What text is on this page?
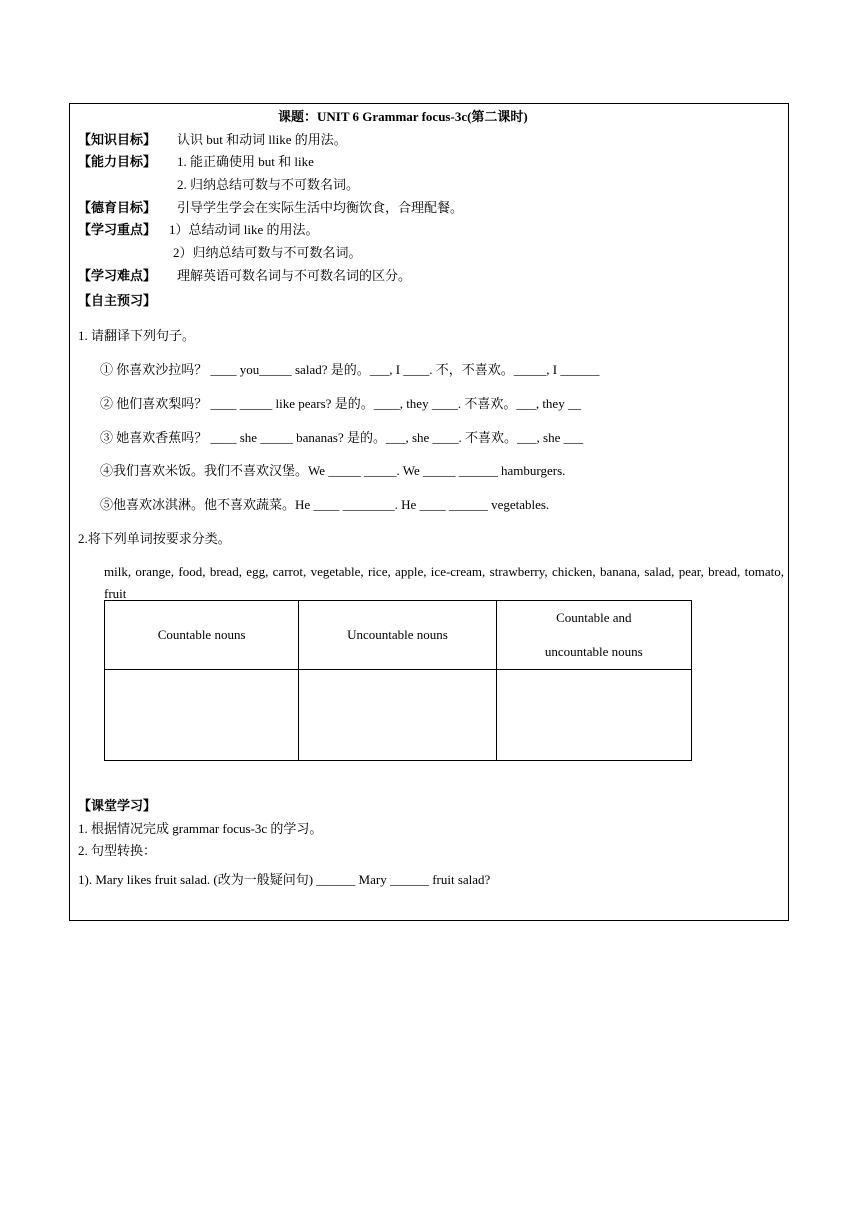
课题：UNIT 6 Grammar focus-3c(第二课时)
【知识目标】 认识 but 和动词 llike 的用法。
【能力目标】 1. 能正确使用 but 和 like
2. 归纳总结可数与不可数名词。
【德育目标】 引导学生学会在实际生活中均衡饮食，合理配餐。
【学习重点】 1）总结动词 like 的用法。
2）归纳总结可数与不可数名词。
【学习难点】 理解英语可数名词与不可数名词的区分。
【自主预习】
1. 请翻译下列句子。
① 你喜欢沙拉吗？ ____ you_____ salad? 是的。___, I ____. 不，不喜欢。_____, I ______
② 他们喜欢梨吗？ ____ _____ like pears? 是的。____, they ____. 不喜欢。___, they __
③ 她喜欢香蕉吗？ ____ she _____ bananas? 是的。___, she ____. 不喜欢。___, she ___
④我们喜欢米饭。我们不喜欢汉堡。We _____ _____. We _____ ______ hamburgers.
⑤他喜欢冰淇淋。他不喜欢蔬菜。He ____ ________. He ____ ______ vegetables.
2.将下列单词按要求分类。
milk, orange, food, bread, egg, carrot, vegetable, rice, apple, ice-cream, strawberry, chicken, banana, salad, pear, bread, tomato, fruit
Countable nouns	Uncountable nouns	Countable and
uncountable nouns

【课堂学习】
1. 根据情况完成 grammar focus-3c 的学习。
2. 句型转换：
1). Mary likes fruit salad. (改为一般疑问句) ______ Mary ______ fruit salad?
